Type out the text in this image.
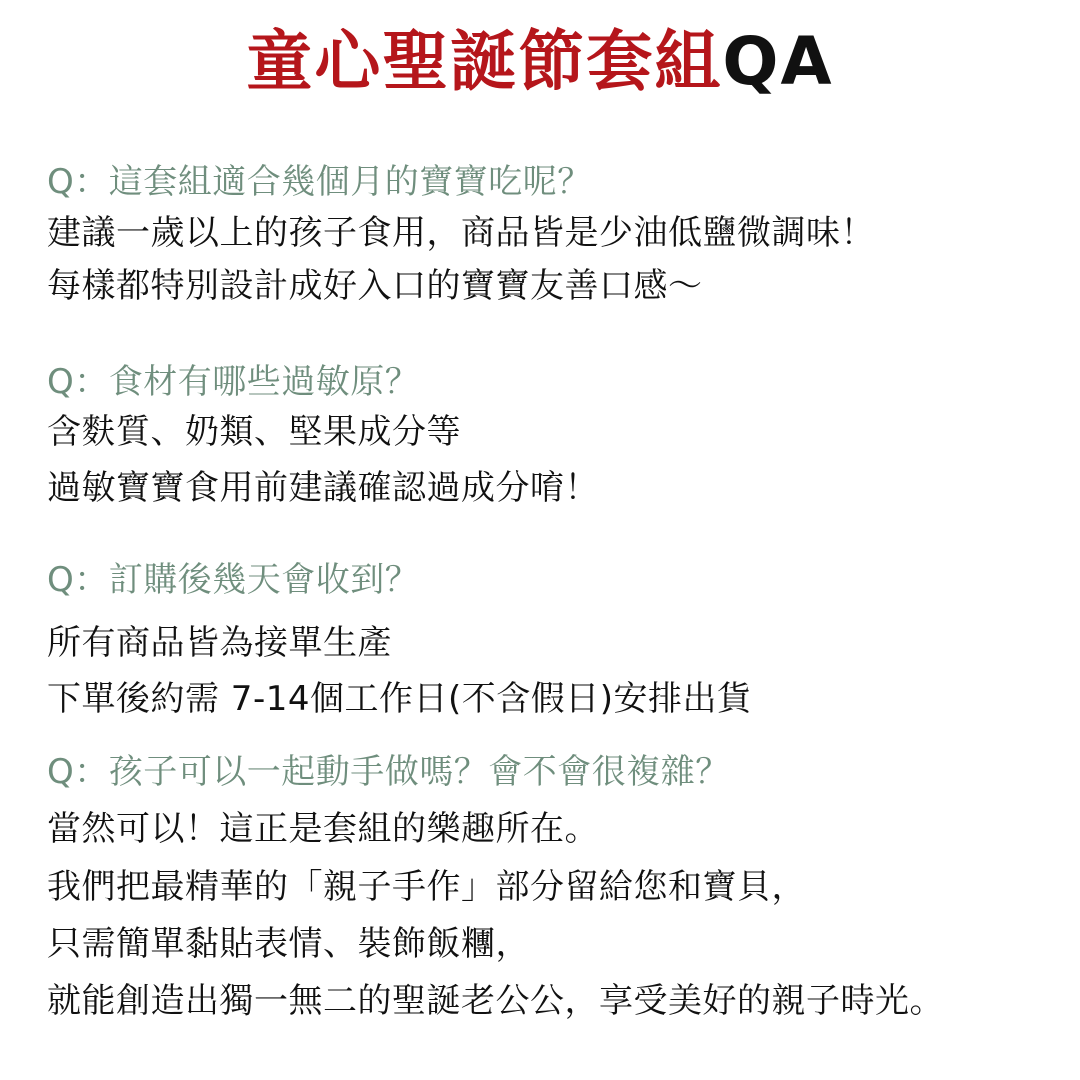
童心聖誕節套組QA
Q：這套組適合幾個月的寶寶吃呢？
建議一歲以上的孩子食用，商品皆是少油低鹽微調味！
每樣都特別設計成好入口的寶寶友善口感～
Q：食材有哪些過敏原？
含麩質、奶類、堅果成分等
過敏寶寶食用前建議確認過成分唷！
Q：訂購後幾天會收到？
所有商品皆為接單生產
下單後約需 7-14個工作日(不含假日)安排出貨
Q：孩子可以一起動手做嗎？會不會很複雜？
當然可以！這正是套組的樂趣所在。
我們把最精華的「親子手作」部分留給您和寶貝，
只需簡單黏貼表情、裝飾飯糰，
就能創造出獨一無二的聖誕老公公，享受美好的親子時光。
